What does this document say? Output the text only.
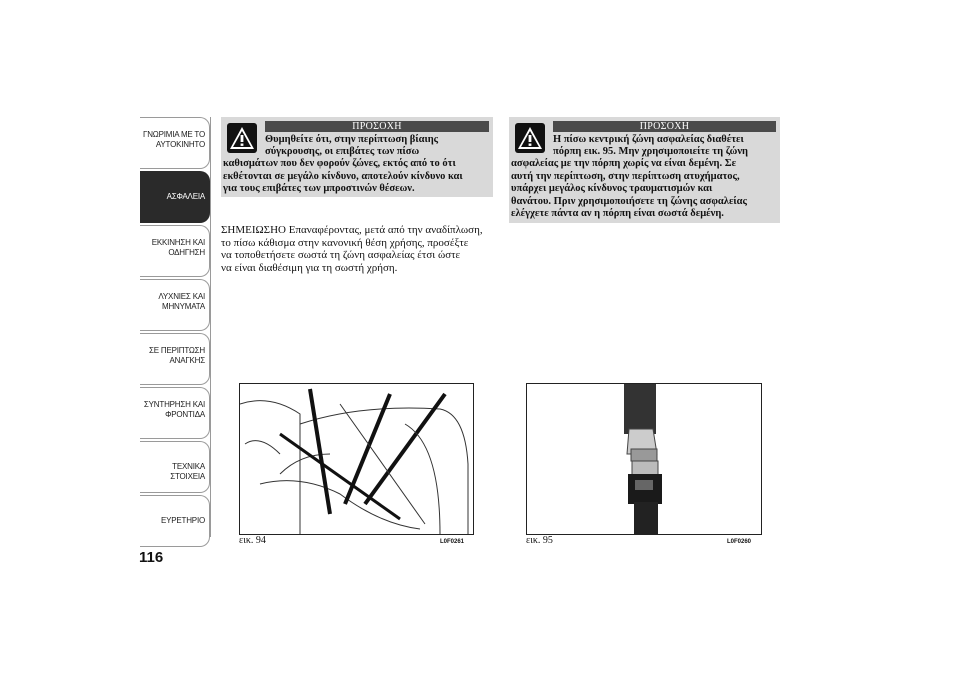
ΓΝΩΡΙΜΙΑ ΜΕ ΤΟ
ΑΥΤΟΚΙΝΗΤΟ
ΑΣΦΑΛΕΙΑ
ΕΚΚΙΝΗΣΗ ΚΑΙ
ΟΔΗΓΗΣΗ
ΛΥΧΝΙΕΣ ΚΑΙ
ΜΗΝΥΜΑΤΑ
ΣΕ ΠΕΡΙΠΤΩΣΗ
ΑΝΑΓΚΗΣ
ΣΥΝΤΗΡΗΣΗ ΚΑΙ
ΦΡΟΝΤΙΔΑ
ΤΕΧΝΙΚΑ ΣΤΟΙΧΕΙΑ
ΕΥΡΕΤΗΡΙΟ
116
ΠΡΟΣΟΧΗ
Θυμηθείτε ότι, στην περίπτωση βίαιης
σύγκρουσης, οι επιβάτες των πίσω
καθισμάτων που δεν φορούν ζώνες, εκτός από το ότι
εκθέτονται σε μεγάλο κίνδυνο, αποτελούν κίνδυνο και
για τους επιβάτες των μπροστινών θέσεων.
ΠΡΟΣΟΧΗ
Η πίσω κεντρική ζώνη ασφαλείας διαθέτει
πόρπη εικ. 95. Μην χρησιμοποιείτε τη ζώνη
ασφαλείας με την πόρπη χωρίς να είναι δεμένη. Σε
αυτή την περίπτωση, στην περίπτωση ατυχήματος,
υπάρχει μεγάλος κίνδυνος τραυματισμών και
θανάτου. Πριν χρησιμοποιήσετε τη ζώνης ασφαλείας
ελέγχετε πάντα αν η πόρπη είναι σωστά δεμένη.
ΣΗΜΕΙΩΣΗΟ Επαναφέροντας, μετά από την αναδίπλωση,
το πίσω κάθισμα στην κανονική θέση χρήσης, προσέξτε
να τοποθετήσετε σωστά τη ζώνη ασφαλείας έτσι ώστε
να είναι διαθέσιμη για τη σωστή χρήση.
εικ. 94	L0F0261	εικ. 95	L0F0260
